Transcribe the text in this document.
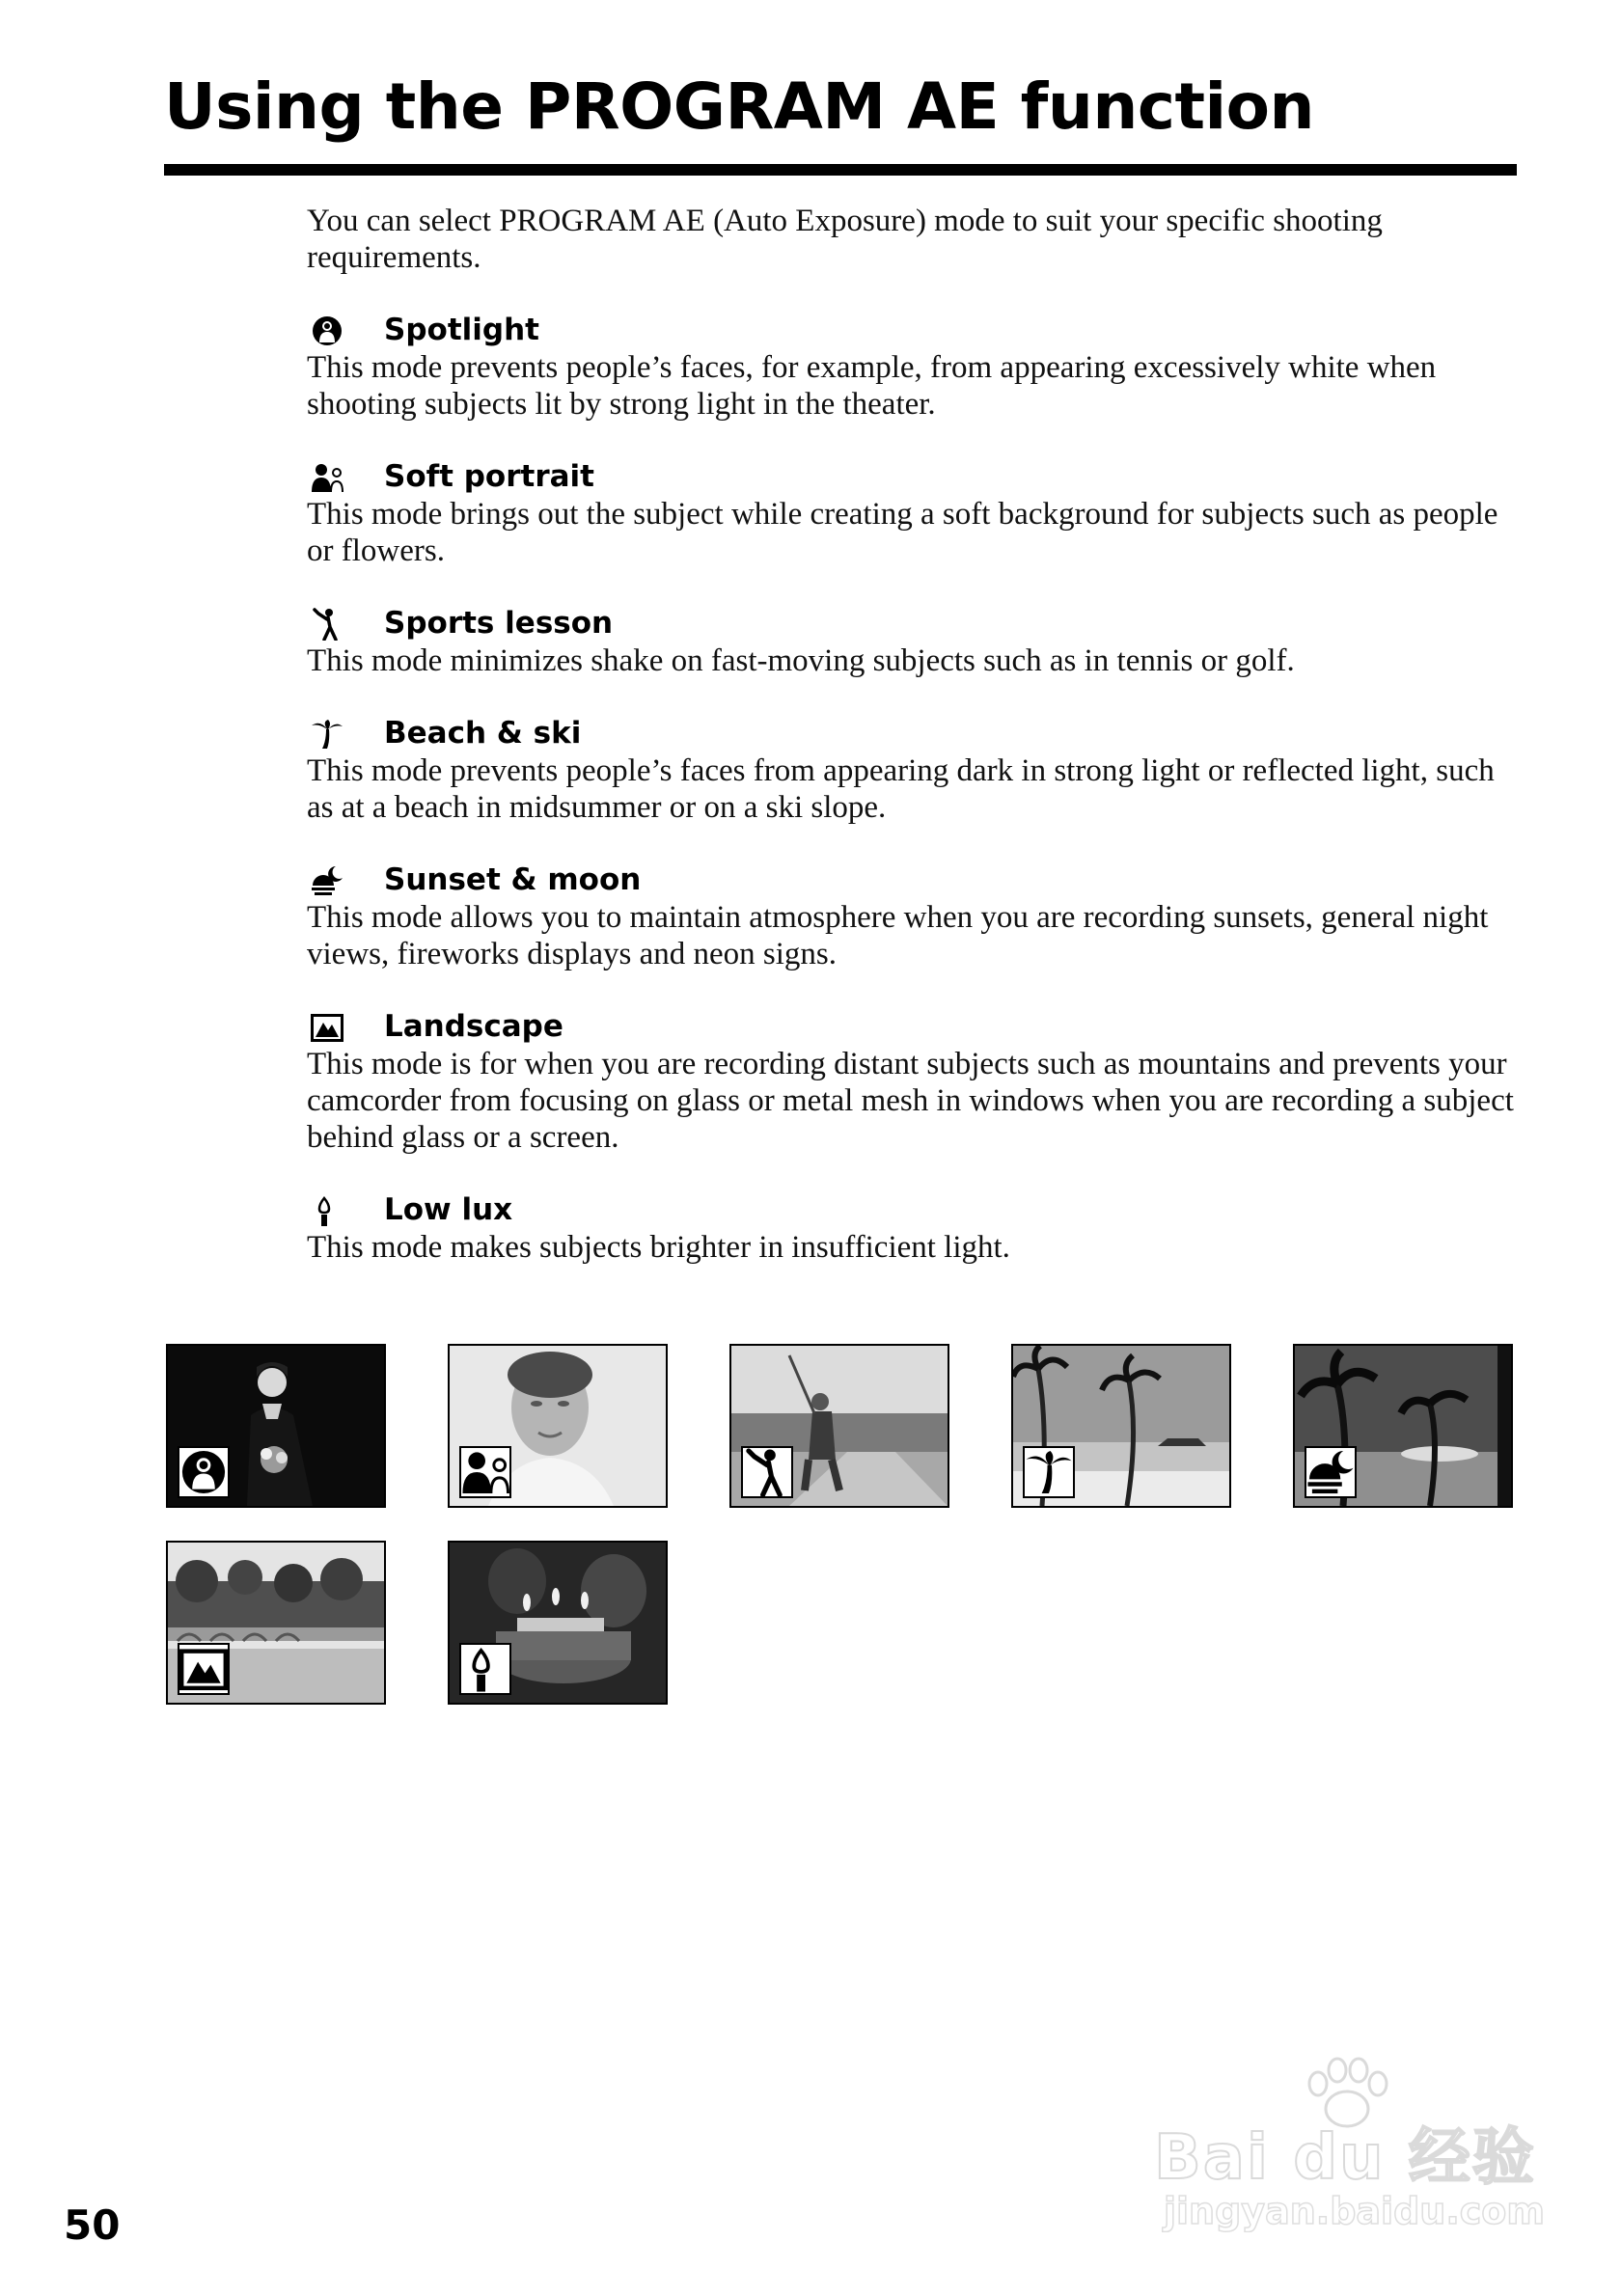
Using the PROGRAM AE function

You can select PROGRAM AE (Auto Exposure) mode to suit your specific shooting requirements.

Spotlight

This mode prevents people’s faces, for example, from appearing excessively white when shooting subjects lit by strong light in the theater.

Soft portrait

This mode brings out the subject while creating a soft background for subjects such as people or flowers.

Sports lesson

This mode minimizes shake on fast-moving subjects such as in tennis or golf.

Beach & ski

This mode prevents people’s faces from appearing dark in strong light or reflected light, such as at a beach in midsummer or on a ski slope.

Sunset & moon

This mode allows you to maintain atmosphere when you are recording sunsets, general night views, fireworks displays and neon signs.

Landscape

This mode is for when you are recording distant subjects such as mountains and prevents your camcorder from focusing on glass or metal mesh in windows when you are recording a subject behind glass or a screen.

Low lux

This mode makes subjects brighter in insufficient light.

Bai du 经验
jingyan.baidu.com
50
